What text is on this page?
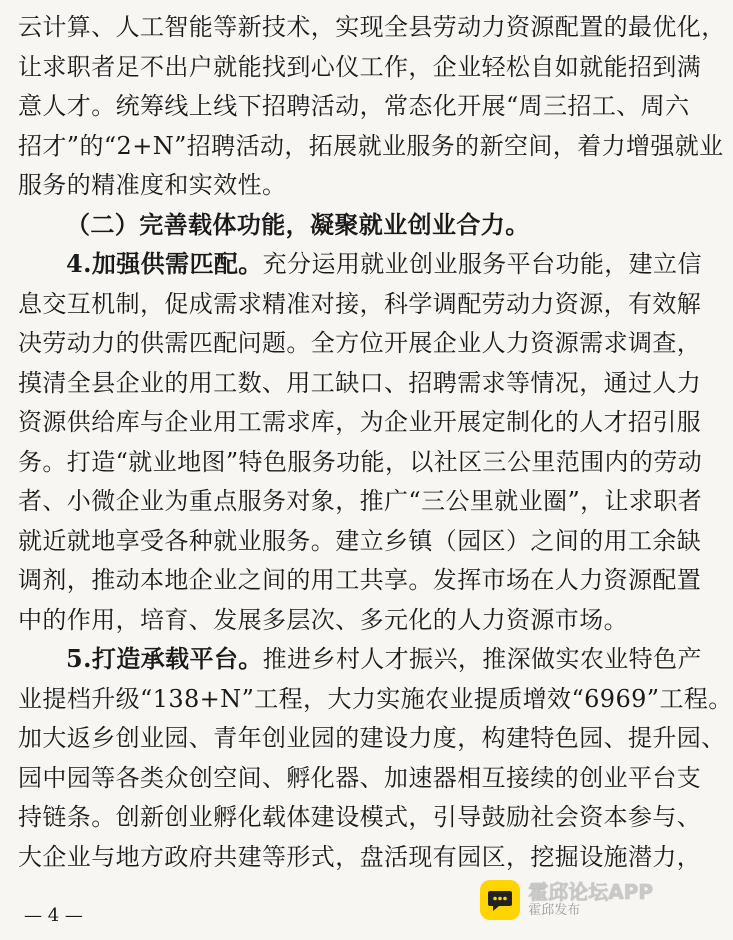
云计算、人工智能等新技术，实现全县劳动力资源配置的最优化，
让求职者足不出户就能找到心仪工作，企业轻松自如就能招到满
意人才。统筹线上线下招聘活动，常态化开展“周三招工、周六
招才”的“2+N”招聘活动，拓展就业服务的新空间，着力增强就业
服务的精准度和实效性。
（二）完善载体功能，凝聚就业创业合力。
4.加强供需匹配。充分运用就业创业服务平台功能，建立信
息交互机制，促成需求精准对接，科学调配劳动力资源，有效解
决劳动力的供需匹配问题。全方位开展企业人力资源需求调查，
摸清全县企业的用工数、用工缺口、招聘需求等情况，通过人力
资源供给库与企业用工需求库，为企业开展定制化的人才招引服
务。打造“就业地图”特色服务功能，以社区三公里范围内的劳动
者、小微企业为重点服务对象，推广“三公里就业圈”，让求职者
就近就地享受各种就业服务。建立乡镇（园区）之间的用工余缺
调剂，推动本地企业之间的用工共享。发挥市场在人力资源配置
中的作用，培育、发展多层次、多元化的人力资源市场。
5.打造承载平台。推进乡村人才振兴，推深做实农业特色产
业提档升级“138+N”工程，大力实施农业提质增效“6969”工程。
加大返乡创业园、青年创业园的建设力度，构建特色园、提升园、
园中园等各类众创空间、孵化器、加速器相互接续的创业平台支
持链条。创新创业孵化载体建设模式，引导鼓励社会资本参与、
大企业与地方政府共建等形式，盘活现有园区，挖掘设施潜力，
— 4 —
霍邱论坛APP
霍邱发布
